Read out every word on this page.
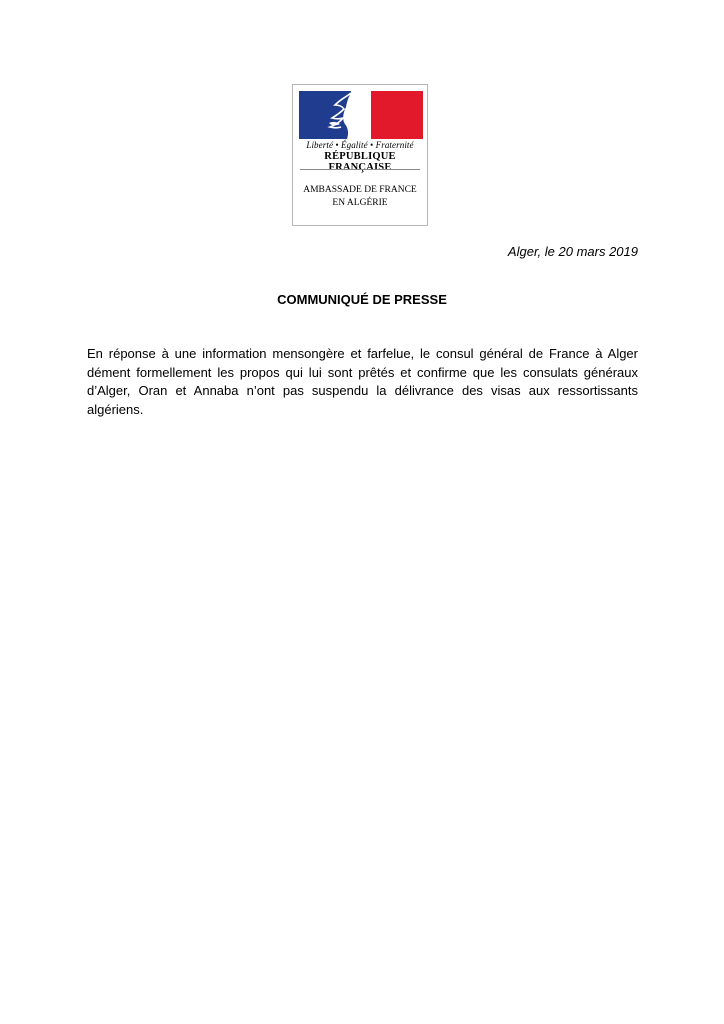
Liberté • Égalité • Fraternité
RÉPUBLIQUE FRANÇAISE
AMBASSADE DE FRANCE
EN ALGÉRIE
Alger, le 20 mars 2019
COMMUNIQUÉ DE PRESSE
En réponse à une information mensongère et farfelue, le consul général de France à Alger dément formellement les propos qui lui sont prêtés et confirme que les consulats généraux d’Alger, Oran et Annaba n’ont pas suspendu la délivrance des visas aux ressortissants algériens.
